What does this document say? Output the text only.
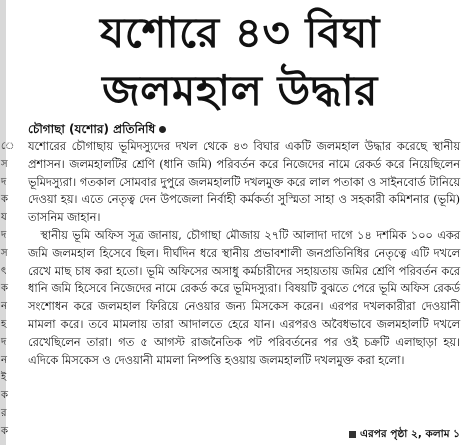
ে
স
দ
ক
য
দ
স
ৎ
ক
ন
হ
দ
ন
ই
ক
র
ক
যশোরে ৪৩ বিঘা
জলমহাল উদ্ধার
চৌগাছা (যশোর) প্রতিনিধি

যশোরের চৌগাছায় ভূমিদস্যুদের দখল থেকে ৪৩ বিঘার একটি জলমহাল উদ্ধার করেছে স্থানীয় প্রশাসন। জলমহালটির শ্রেণি (ধানি জমি) পরিবর্তন করে নিজেদের নামে রেকর্ড করে নিয়েছিলেন ভূমিদস্যুরা। গতকাল সোমবার দুপুরে জলমহালটি দখলমুক্ত করে লাল পতাকা ও সাইনবোর্ড টানিয়ে দেওয়া হয়। এতে নেতৃত্ব দেন উপজেলা নির্বাহী কর্মকর্তা সুস্মিতা সাহা ও সহকারী কমিশনার (ভূমি) তাসনিম জাহান।

স্থানীয় ভূমি অফিস সূত্র জানায়, চৌগাছা মৌজায় ২৭টি আলাদা দাগে ১৪ দশমিক ১০০ একর জমি জলমহাল হিসেবে ছিল। দীর্ঘদিন ধরে স্থানীয় প্রভাবশালী জনপ্রতিনিধির নেতৃত্বে এটি দখলে রেখে মাছ চাষ করা হতো। ভূমি অফিসের অসাধু কর্মচারীদের সহায়তায় জমির শ্রেণি পরিবর্তন করে ধানি জমি হিসেবে নিজেদের নামে রেকর্ড করে ভূমিদস্যুরা। বিষয়টি বুঝতে পেরে ভূমি অফিস রেকর্ড সংশোধন করে জলমহাল ফিরিয়ে নেওয়ার জন্য মিসকেস করেন। এরপর দখলকারীরা দেওয়ানী মামলা করে। তবে মামলায় তারা আদালতে হেরে যান। এরপরও অবৈধভাবে জলমহালটি দখলে রেখেছিলেন তারা। গত ৫ আগস্ট রাজনৈতিক পট পরিবর্তনের পর ওই চক্রটি এলাছাড়া হয়। এদিকে মিসকেস ও দেওয়ানী মামলা নিষ্পত্তি হওয়ায় জলমহালটি দখলমুক্ত করা হলো।

এরপর পৃষ্ঠা ২, কলাম ১
